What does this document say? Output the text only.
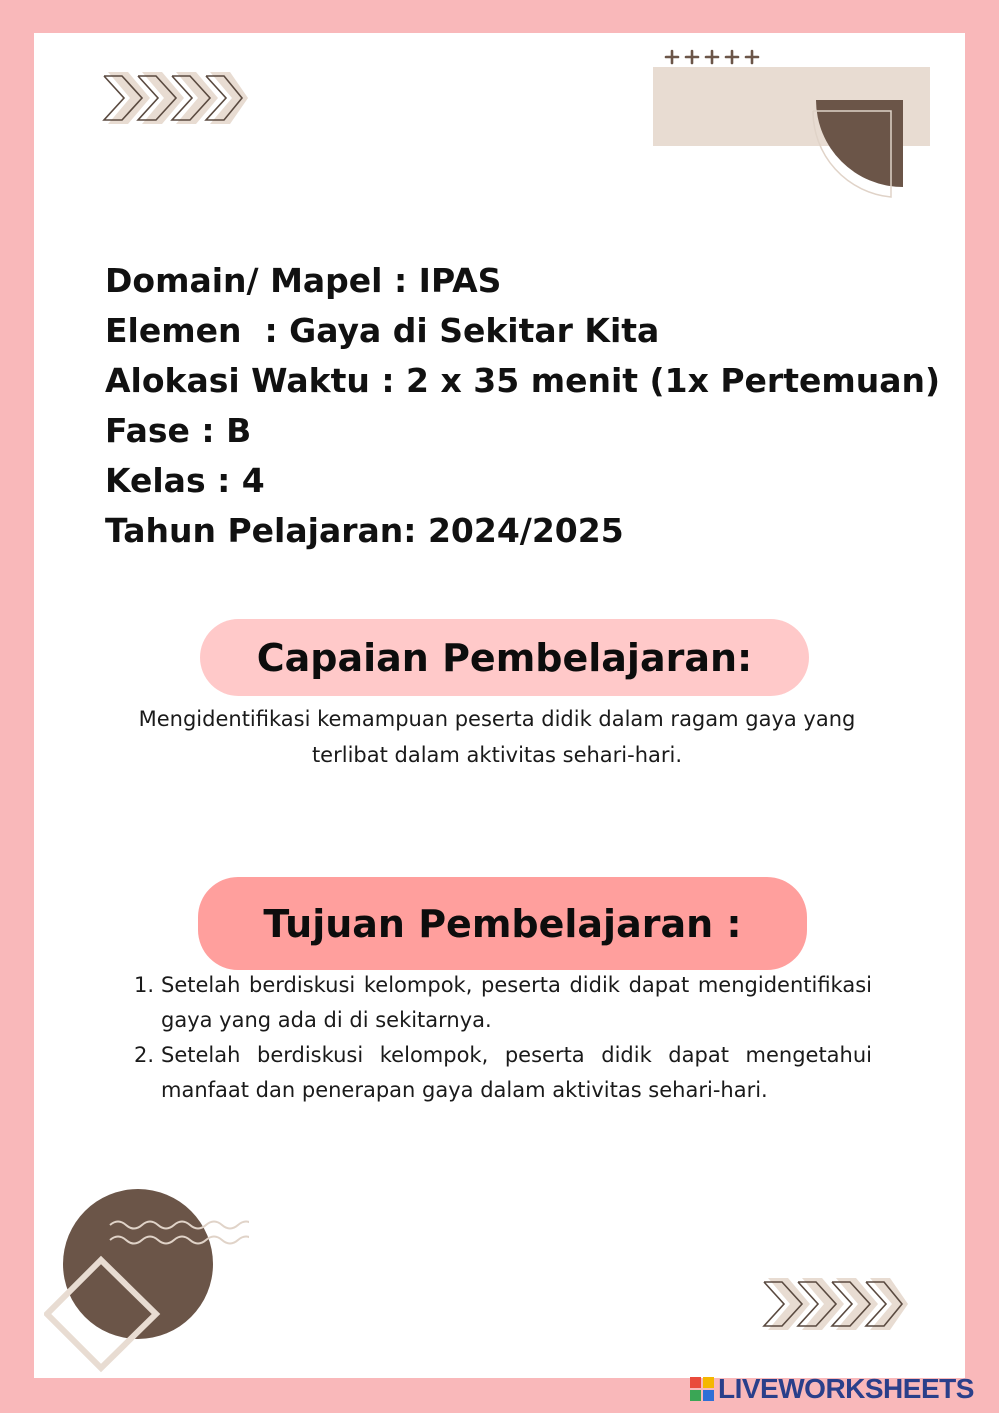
Domain/ Mapel : IPAS
Elemen  : Gaya di Sekitar Kita
Alokasi Waktu : 2 x 35 menit (1x Pertemuan)
Fase : B
Kelas : 4
Tahun Pelajaran: 2024/2025
Capaian Pembelajaran:
Mengidentifikasi kemampuan peserta didik dalam ragam gaya yang terlibat dalam aktivitas sehari-hari.
Tujuan Pembelajaran :
1. Setelah berdiskusi kelompok, peserta didik dapat mengidentifikasi gaya yang ada di di sekitarnya.
2. Setelah berdiskusi kelompok, peserta didik dapat mengetahui manfaat dan penerapan gaya dalam aktivitas sehari-hari.
LIVEWORKSHEETS
